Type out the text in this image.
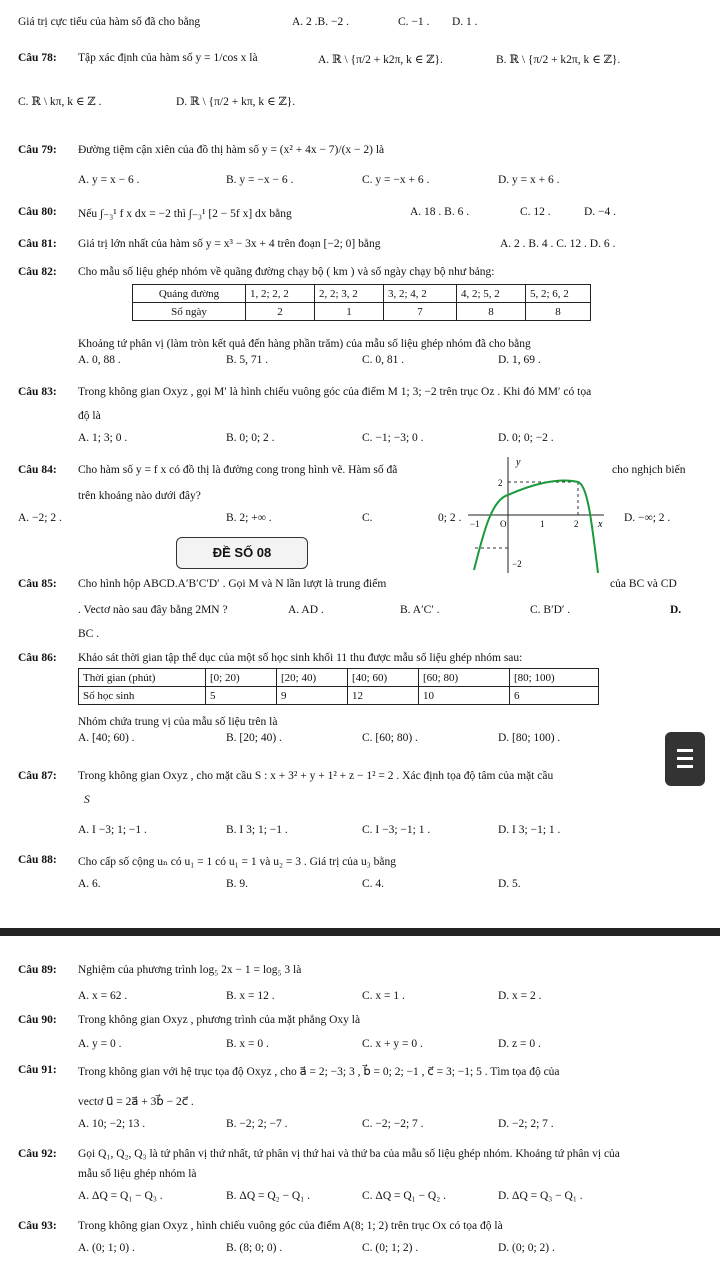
Giá trị cực tiểu của hàm số đã cho bằng	A. 2 .B. −2 .	C. −1 . D. 1 .
Câu 78: Tập xác định của hàm số y = 1/cos x là	A. ℝ \ {π/2 + k2π, k ∈ ℤ}.	B. ℝ \ {π/2 + k2π, k ∈ ℤ}.
C. ℝ \ kπ, k ∈ ℤ .	D. ℝ \ {π/2 + kπ, k ∈ ℤ}.
Câu 79: Đường tiệm cận xiên của đồ thị hàm số y = (x² + 4x − 7)/(x − 2) là
A. y = x − 6 .	B. y = −x − 6 .	C. y = −x + 6 .	D. y = x + 6 .
Câu 80: Nếu ∫₋₃¹ f x dx = −2 thì ∫₋₃¹ [2 − 5f x] dx bằng	A. 18 . B. 6 .	C. 12 .	D. −4 .
Câu 81: Giá trị lớn nhất của hàm số y = x³ − 3x + 4 trên đoạn [−2; 0] bằng	A. 2 . B. 4 . C. 12 . D. 6 .
Câu 82: Cho mẫu số liệu ghép nhóm về quãng đường chạy bộ ( km ) và số ngày chạy bộ như bảng:
Quảng đường	1, 2; 2, 2	2, 2; 3, 2	3, 2; 4, 2	4, 2; 5, 2	5, 2; 6, 2
Số ngày	2	1	7	8	8
Khoảng tứ phân vị (làm tròn kết quả đến hàng phần trăm) của mẫu số liệu ghép nhóm đã cho bằng
A. 0, 88 .	B. 5, 71 .	C. 0, 81 .	D. 1, 69 .
Câu 83: Trong không gian Oxyz , gọi M′ là hình chiếu vuông góc của điểm M 1; 3; −2 trên trục Oz . Khi đó MM′ có tọa
độ là
A. 1; 3; 0 .	B. 0; 0; 2 .	C. −1; −3; 0 .	D. 0; 0; −2 .
Câu 84: Cho hàm số y = f x có đồ thị là đường cong trong hình vẽ. Hàm số đã	cho nghịch biến
trên khoảng nào dưới đây?
A. −2; 2 .	B. 2; +∞ .	C.	0; 2 .	D. −∞; 2 .
y
x
2
−2
−1 O	1	2
ĐỀ SỐ 08
Câu 85: Cho hình hộp ABCD.A′B′C′D′ . Gọi M và N lần lượt là trung điểm	của BC và CD
. Vectơ nào sau đây bằng 2MN ?	A. AD .	B. A′C′ .	C. B′D′ .	D.
BC .
Câu 86: Khảo sát thời gian tập thể dục của một số học sinh khối 11 thu được mẫu số liệu ghép nhóm sau:
Thời gian (phút)	[0; 20)	[20; 40)	[40; 60)	[60; 80)	[80; 100)
Số học sinh	5	9	12	10	6
Nhóm chứa trung vị của mẫu số liệu trên là
A. [40; 60) .	B. [20; 40) .	C. [60; 80) .	D. [80; 100) .
Câu 87: Trong không gian Oxyz , cho mặt cầu S : x + 3² + y + 1² + z − 1² = 2 . Xác định tọa độ tâm của mặt cầu
S
A. I −3; 1; −1 .	B. I 3; 1; −1 .	C. I −3; −1; 1 .	D. I 3; −1; 1 .
Câu 88: Cho cấp số cộng uₙ có u₁ = 1 có u₁ = 1 và u₂ = 3 . Giá trị của u₃ bằng
A. 6.	B. 9.	C. 4.	D. 5.
Câu 89: Nghiệm của phương trình log₅ 2x − 1 = log₅ 3 là
A. x = 62 .	B. x = 12 .	C. x = 1 .	D. x = 2 .
Câu 90: Trong không gian Oxyz , phương trình của mặt phẳng Oxy là
A. y = 0 .	B. x = 0 .	C. x + y = 0 .	D. z = 0 .
Câu 91: Trong không gian với hệ trục tọa độ Oxyz , cho a⃗ = 2; −3; 3 , b⃗ = 0; 2; −1 , c⃗ = 3; −1; 5 . Tìm tọa độ của
vectơ u⃗ = 2a⃗ + 3b⃗ − 2c⃗ .
A. 10; −2; 13 .	B. −2; 2; −7 .	C. −2; −2; 7 .	D. −2; 2; 7 .
Câu 92: Gọi Q₁, Q₂, Q₃ là tứ phân vị thứ nhất, tứ phân vị thứ hai và thứ ba của mẫu số liệu ghép nhóm. Khoảng tứ phân vị của
mẫu số liệu ghép nhóm là
A. ΔQ = Q₁ − Q₃ .	B. ΔQ = Q₂ − Q₁ .	C. ΔQ = Q₁ − Q₂ .	D. ΔQ = Q₃ − Q₁ .
Câu 93: Trong không gian Oxyz , hình chiếu vuông góc của điểm A(8; 1; 2) trên trục Ox có tọa độ là
A. (0; 1; 0) .	B. (8; 0; 0) .	C. (0; 1; 2) .	D. (0; 0; 2) .
